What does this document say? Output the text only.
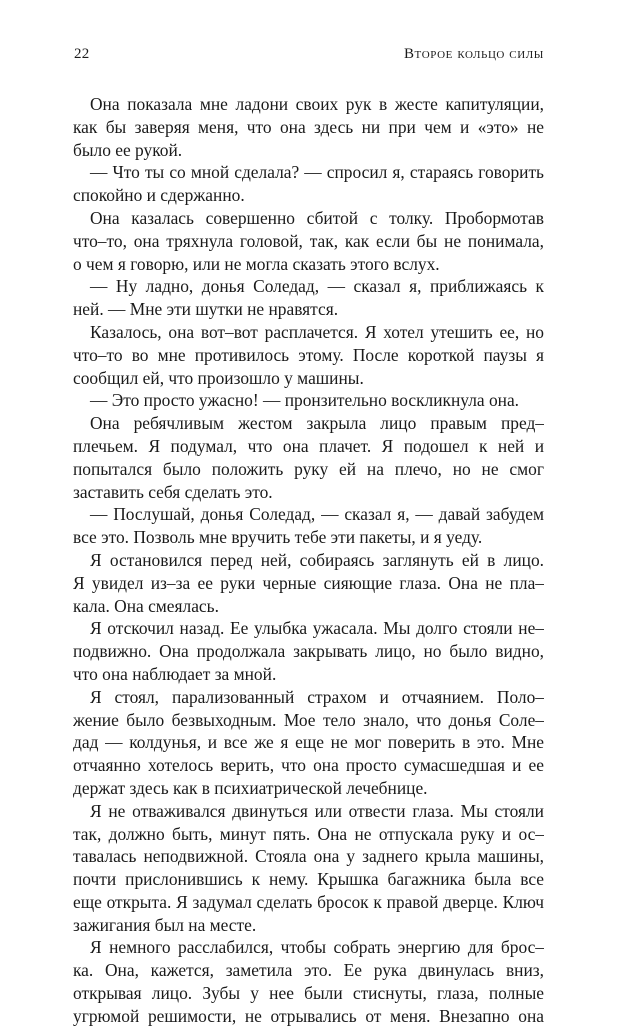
22	Второе кольцо силы
Она показала мне ладони своих рук в жесте капитуляции,
как бы заверяя меня, что она здесь ни при чем и «это» не
было ее рукой.
— Что ты со мной сделала? — спросил я, стараясь говорить
спокойно и сдержанно.
Она казалась совершенно сбитой с толку. Пробормотав
что–то, она тряхнула головой, так, как если бы не понимала,
о чем я говорю, или не могла сказать этого вслух.
— Ну ладно, донья Соледад, — сказал я, приближаясь к
ней. — Мне эти шутки не нравятся.
Казалось, она вот–вот расплачется. Я хотел утешить ее, но
что–то во мне противилось этому. После короткой паузы я
сообщил ей, что произошло у машины.
— Это просто ужасно! — пронзительно воскликнула она.
Она ребячливым жестом закрыла лицо правым пред–
плечьем. Я подумал, что она плачет. Я подошел к ней и
попытался было положить руку ей на плечо, но не смог
заставить себя сделать это.
— Послушай, донья Соледад, — сказал я, — давай забудем
все это. Позволь мне вручить тебе эти пакеты, и я уеду.
Я остановился перед ней, собираясь заглянуть ей в лицо.
Я увидел из–за ее руки черные сияющие глаза. Она не пла–
кала. Она смеялась.
Я отскочил назад. Ее улыбка ужасала. Мы долго стояли не–
подвижно. Она продолжала закрывать лицо, но было видно,
что она наблюдает за мной.
Я стоял, парализованный страхом и отчаянием. Поло–
жение было безвыходным. Мое тело знало, что донья Соле–
дад — колдунья, и все же я еще не мог поверить в это. Мне
отчаянно хотелось верить, что она просто сумасшедшая и ее
держат здесь как в психиатрической лечебнице.
Я не отваживался двинуться или отвести глаза. Мы стояли
так, должно быть, минут пять. Она не отпускала руку и ос–
тавалась неподвижной. Стояла она у заднего крыла машины,
почти прислонившись к нему. Крышка багажника была все
еще открыта. Я задумал сделать бросок к правой дверце. Ключ
зажигания был на месте.
Я немного расслабился, чтобы собрать энергию для брос–
ка. Она, кажется, заметила это. Ее рука двинулась вниз,
открывая лицо. Зубы у нее были стиснуты, глаза, полные
угрюмой решимости, не отрывались от меня. Внезапно она
